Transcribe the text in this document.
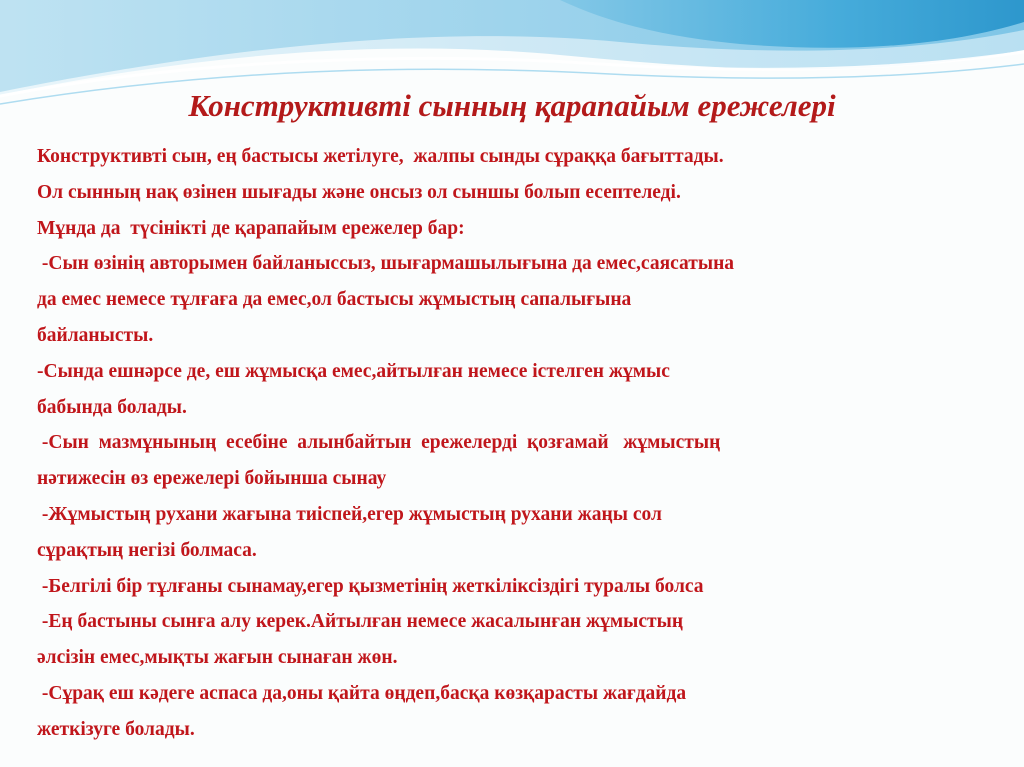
Конструктивті сынның қарапайым ережелері
Конструктивті сын, ең бастысы жетілуге,  жалпы сынды сұраққа бағыттады.
Ол сынның нақ өзінен шығады және онсыз ол сыншы болып есептеледі.
Мұнда да  түсінікті де қарапайым ережелер бар:
-Сын өзінің авторымен байланыссыз, шығармашылығына да емес,саясатына
да емес немесе тұлғаға да емес,ол бастысы жұмыстың сапалығына
байланысты.
-Сында ешнәрсе де, еш жұмысқа емес,айтылған немесе істелген жұмыс
бабында болады.
-Сын  мазмұнының  есебіне  алынбайтын  ережелерді  қозғамай   жұмыстың
нәтижесін өз ережелері бойынша сынау
-Жұмыстың рухани жағына тиіспей,егер жұмыстың рухани жаңы сол
сұрақтың негізі болмаса.
-Белгілі бір тұлғаны сынамау,егер қызметінің жеткіліксіздігі туралы болса
-Ең бастыны сынға алу керек.Айтылған немесе жасалынған жұмыстың
әлсізін емес,мықты жағын сынаған жөн.
-Сұрақ еш кәдеге аспаса да,оны қайта өңдеп,басқа көзқарасты жағдайда
жеткізуге болады.
